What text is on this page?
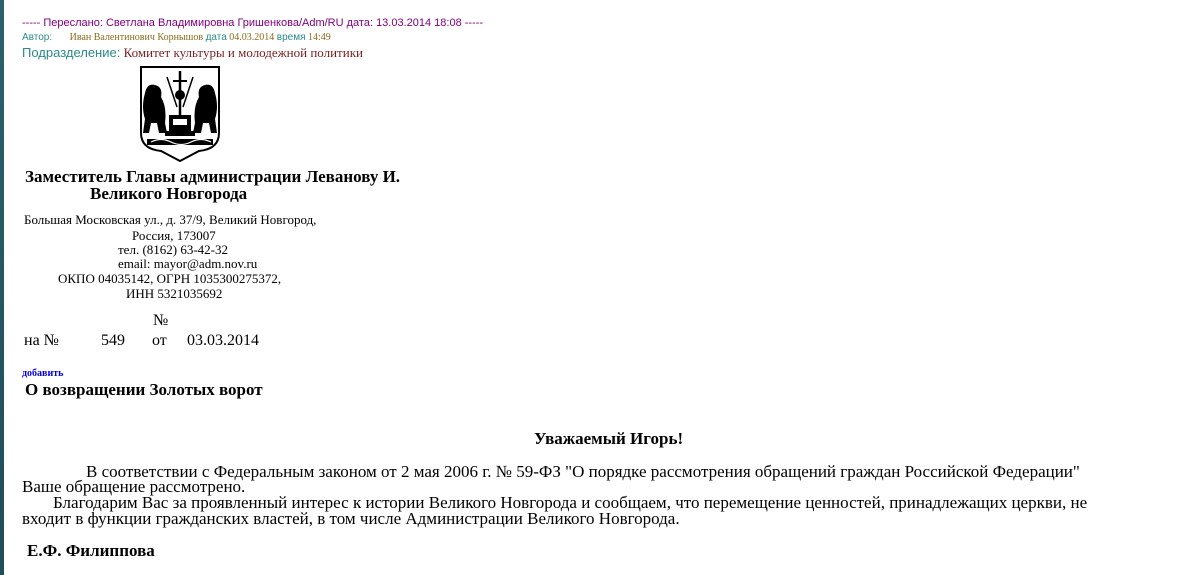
----- Переслано: Светлана Владимировна Гришенкова/Adm/RU дата: 13.03.2014 18:08 -----
Автор: Иван Валентинович Корнышов дата 04.03.2014 время 14:49
Подразделение: Комитет культуры и молодежной политики
Заместитель Главы администрации Леванову И.
Великого Новгорода
Большая Московская ул., д. 37/9, Великий Новгород,
Россия, 173007
тел. (8162) 63-42-32
email: mayor@adm.nov.ru
ОКПО 04035142, ОГРН 1035300275372,
ИНН 5321035692
№
на №	549 от 03.03.2014
добавить
О возвращении Золотых ворот
Уважаемый Игорь!
В соответствии с Федеральным законом от 2 мая 2006 г. № 59-ФЗ "О порядке рассмотрения обращений граждан Российской Федерации"
Ваше обращение рассмотрено.
Благодарим Вас за проявленный интерес к истории Великого Новгорода и сообщаем, что перемещение ценностей, принадлежащих церкви, не
входит в функции гражданских властей, в том числе Администрации Великого Новгорода.
Е.Ф. Филиппова
